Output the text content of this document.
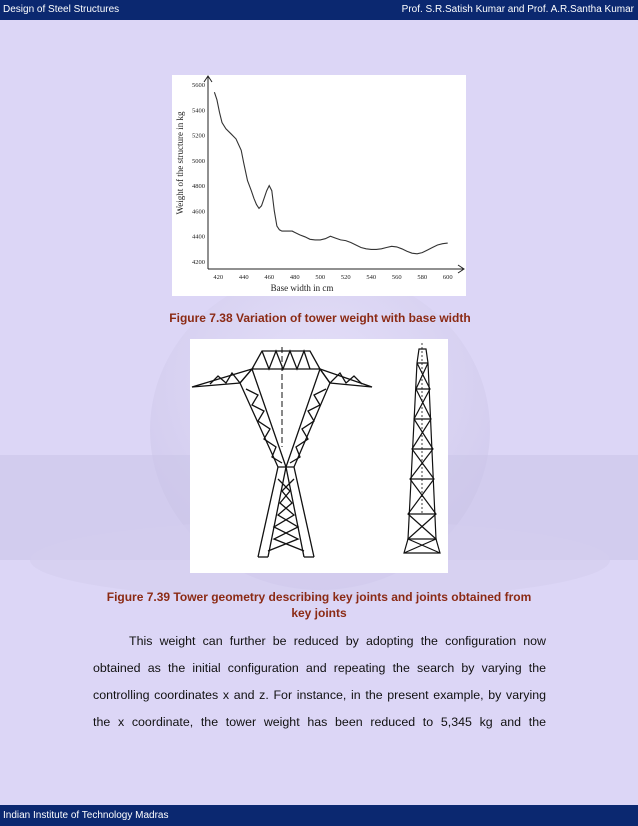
Design of Steel Structures	Prof. S.R.Satish Kumar and Prof. A.R.Santha Kumar
4200
4400
4600
4800
5000
5200
5400
5600
420 440 460 480 500 520 540 560 580 600
Base width in cm
Weight of the structure in kg
Figure 7.38 Variation of tower weight with base width
Figure 7.39 Tower geometry describing key joints and joints obtained from
key joints
This weight can further be reduced by adopting the configuration now
obtained as the initial configuration and repeating the search by varying the
controlling coordinates x and z. For instance, in the present example, by varying
the x coordinate, the tower weight has been reduced to 5,345 kg and the
Indian Institute of Technology Madras
